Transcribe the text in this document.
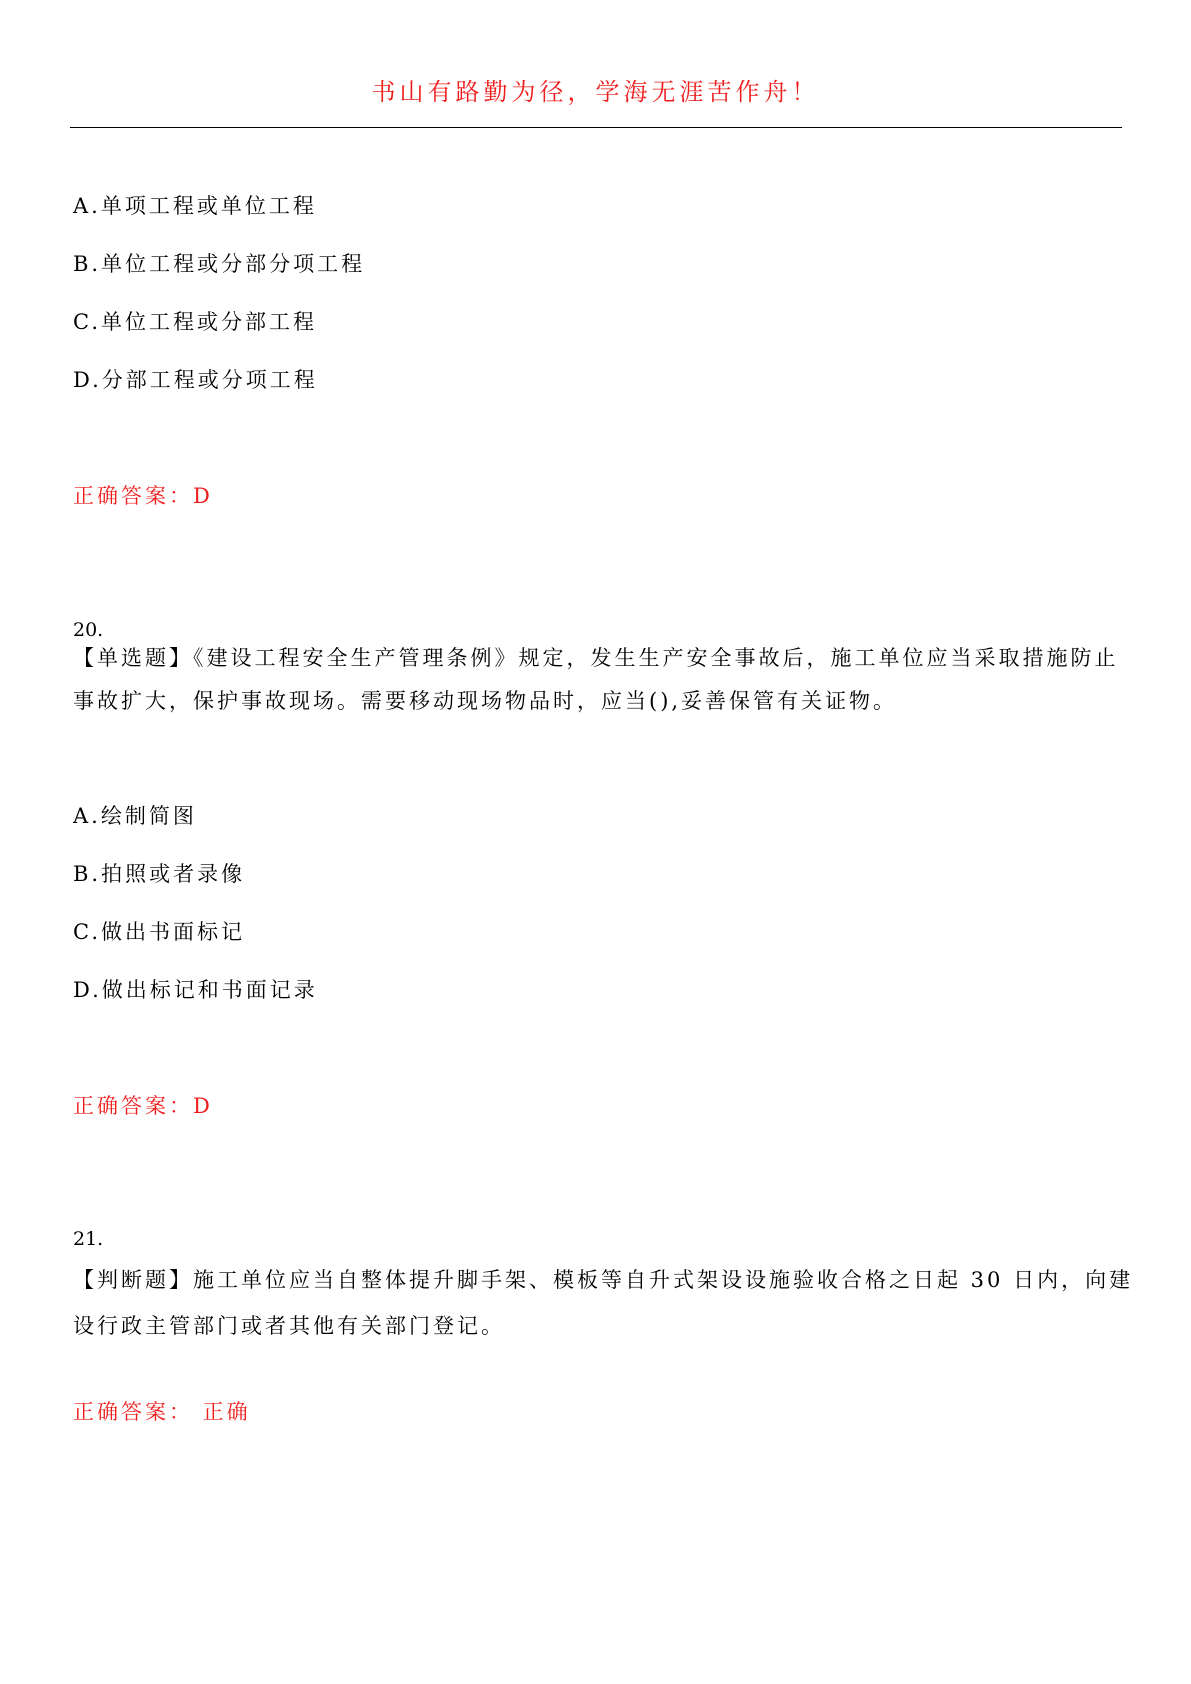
书山有路勤为径，学海无涯苦作舟！
A.单项工程或单位工程
B.单位工程或分部分项工程
C.单位工程或分部工程
D.分部工程或分项工程
正确答案：D
20.
【单选题】《建设工程安全生产管理条例》规定，发生生产安全事故后，施工单位应当采取措施防止
事故扩大，保护事故现场。需要移动现场物品时，应当(),妥善保管有关证物。
A.绘制简图
B.拍照或者录像
C.做出书面标记
D.做出标记和书面记录
正确答案：D
21.
【判断题】施工单位应当自整体提升脚手架、模板等自升式架设设施验收合格之日起 30 日内，向建
设行政主管部门或者其他有关部门登记。
正确答案： 正确
